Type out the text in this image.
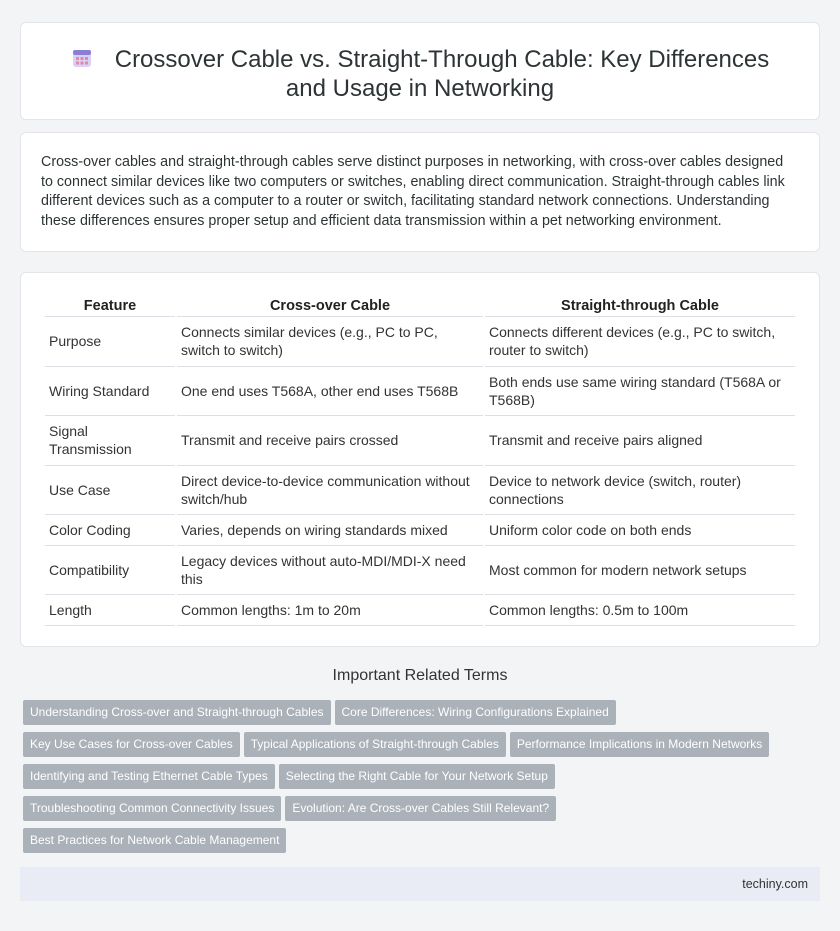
Crossover Cable vs. Straight-Through Cable: Key Differences and Usage in Networking

Cross-over cables and straight-through cables serve distinct purposes in networking, with cross-over cables designed to connect similar devices like two computers or switches, enabling direct communication. Straight-through cables link different devices such as a computer to a router or switch, facilitating standard network connections. Understanding these differences ensures proper setup and efficient data transmission within a pet networking environment.

Feature	Cross-over Cable	Straight-through Cable
Purpose	Connects similar devices (e.g., PC to PC, switch to switch)	Connects different devices (e.g., PC to switch, router to switch)
Wiring Standard	One end uses T568A, other end uses T568B	Both ends use same wiring standard (T568A or T568B)
Signal Transmission	Transmit and receive pairs crossed	Transmit and receive pairs aligned
Use Case	Direct device-to-device communication without switch/hub	Device to network device (switch, router) connections
Color Coding	Varies, depends on wiring standards mixed	Uniform color code on both ends
Compatibility	Legacy devices without auto-MDI/MDI-X need this	Most common for modern network setups
Length	Common lengths: 1m to 20m	Common lengths: 0.5m to 100m
Important Related Terms
Understanding Cross-over and Straight-through Cables Core Differences: Wiring Configurations Explained
Key Use Cases for Cross-over Cables Typical Applications of Straight-through Cables Performance Implications in Modern Networks
Identifying and Testing Ethernet Cable Types Selecting the Right Cable for Your Network Setup
Troubleshooting Common Connectivity Issues Evolution: Are Cross-over Cables Still Relevant?
Best Practices for Network Cable Management
techiny.com
